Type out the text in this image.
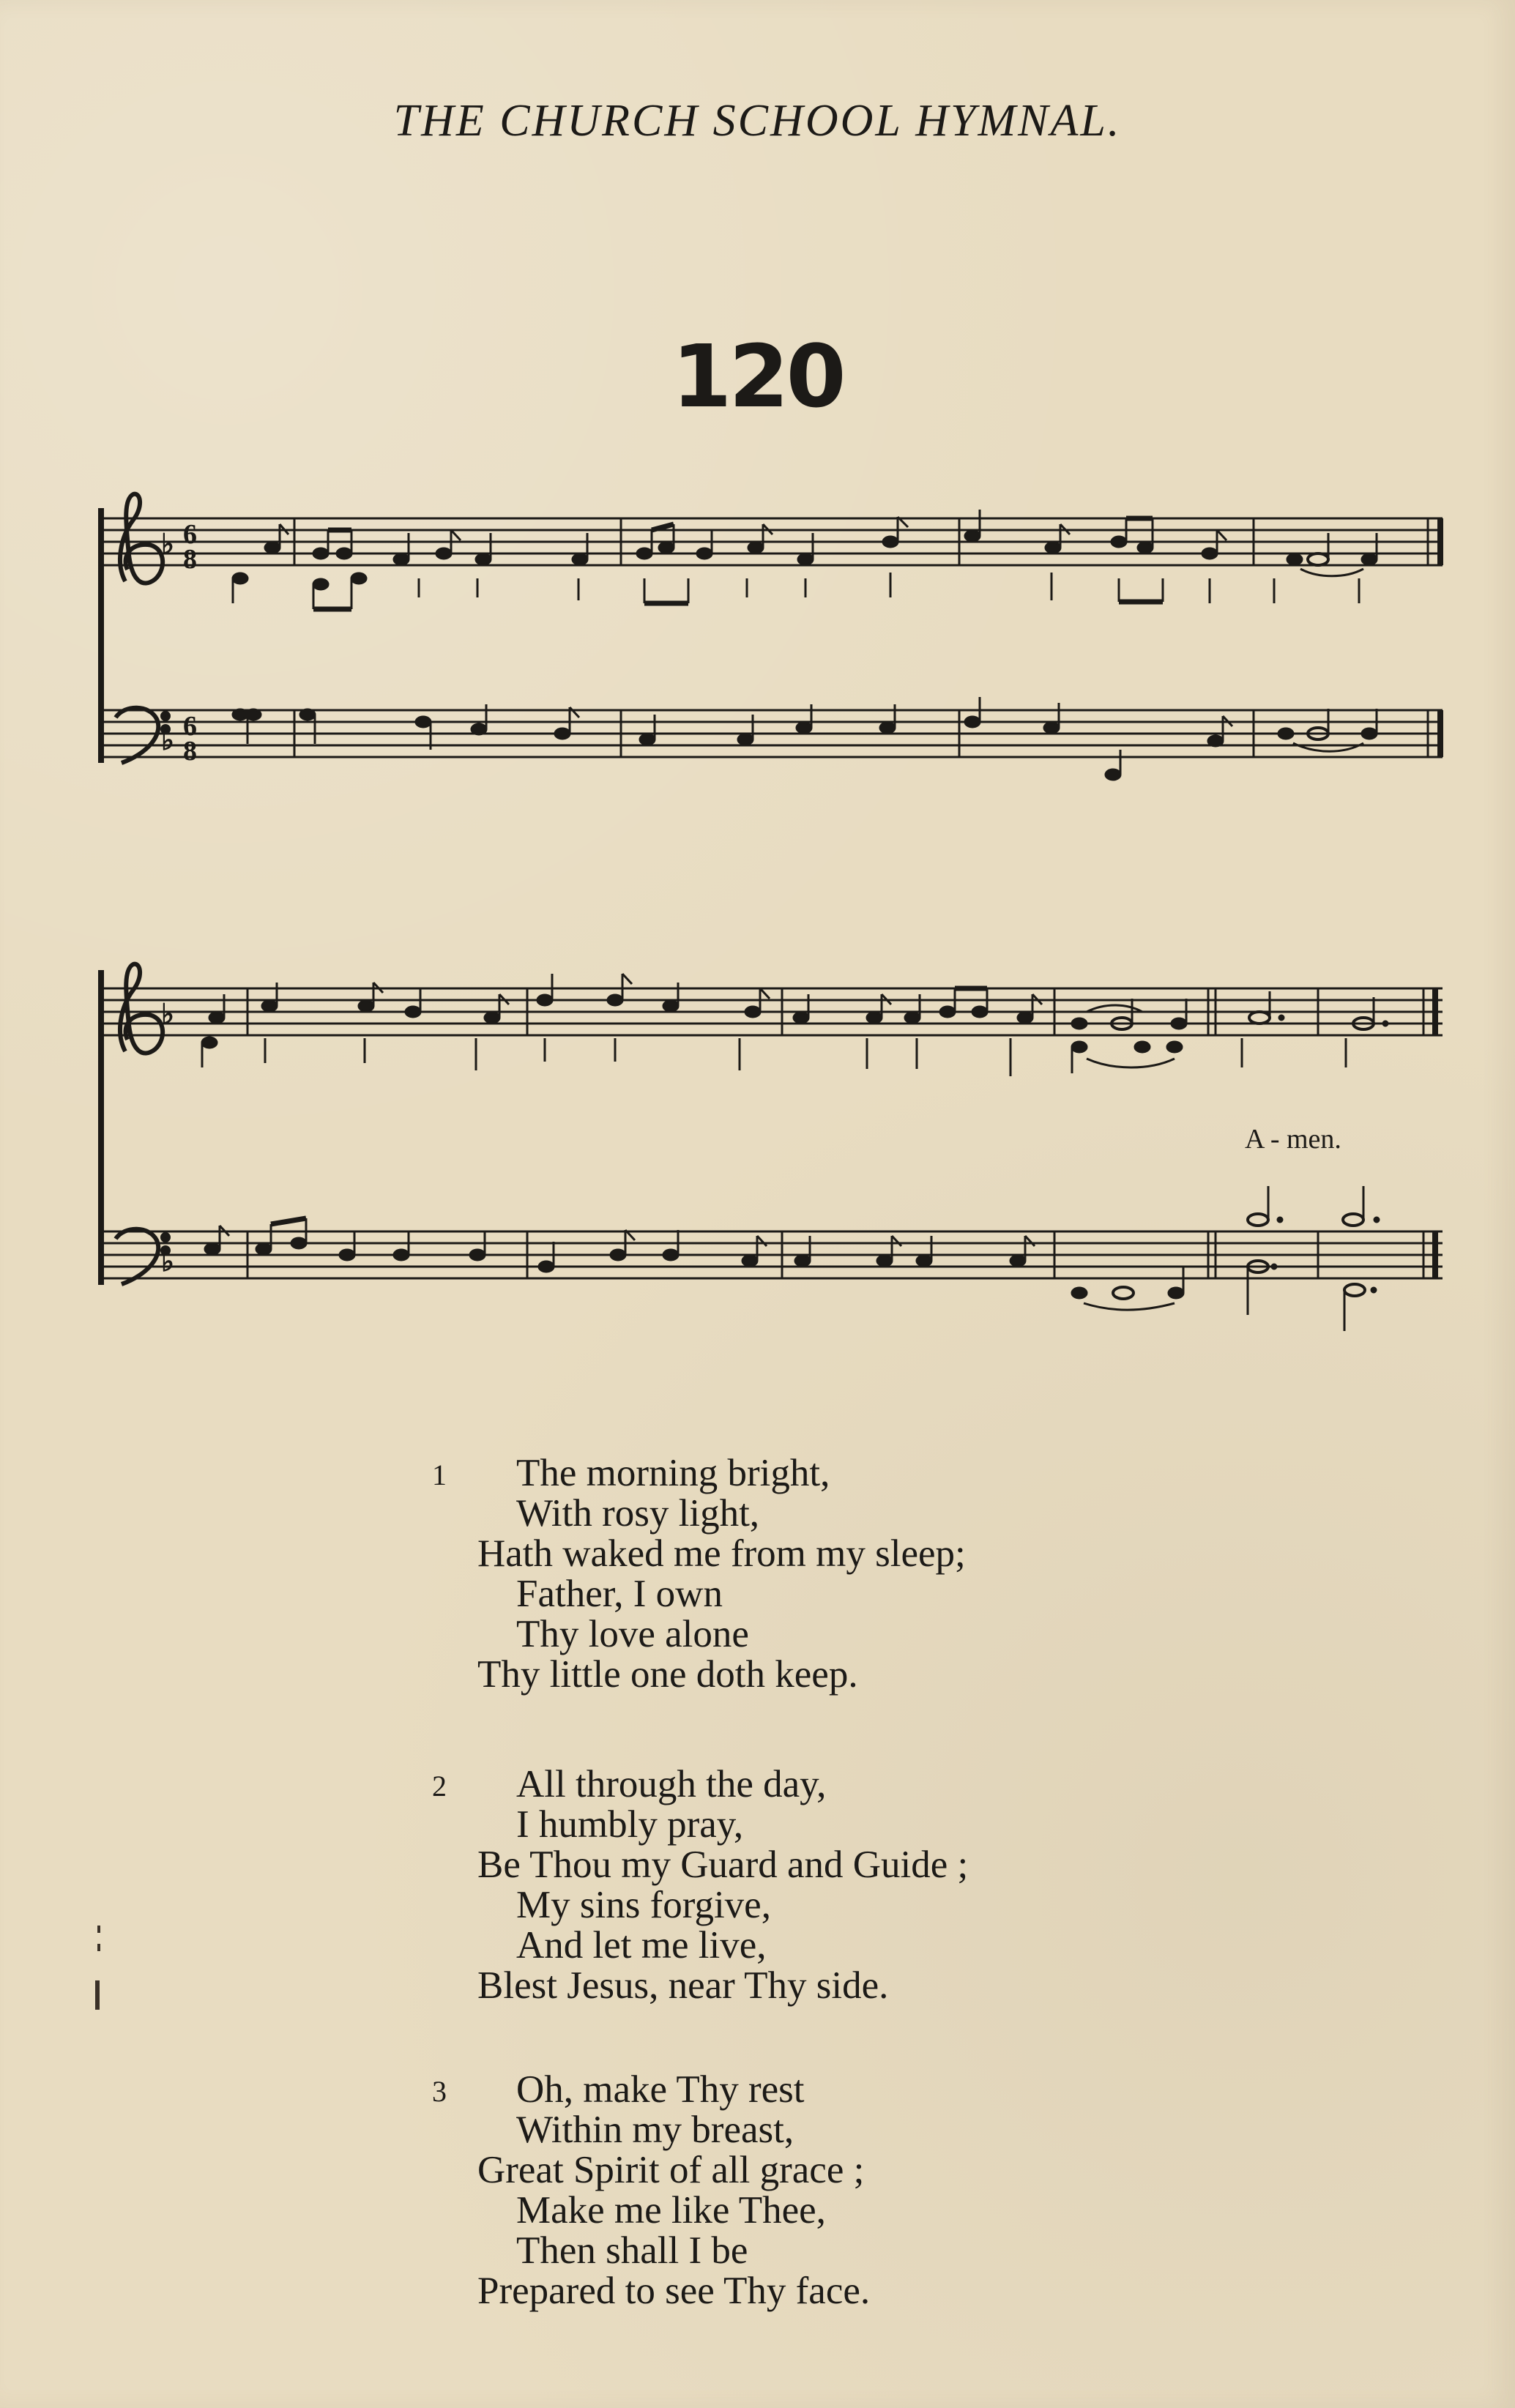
THE CHURCH SCHOOL HYMNAL.
120
6
8
6
8
♭
♭
♭
♭
A - men.
1	The morning bright,
With rosy light,
Hath waked me from my sleep;
Father, I own
Thy love alone
Thy little one doth keep.
2	All through the day,
I humbly pray,
Be Thou my Guard and Guide ;
My sins forgive,
And let me live,
Blest Jesus, near Thy side.
3	Oh, make Thy rest
Within my breast,
Great Spirit of all grace ;
Make me like Thee,
Then shall I be
Prepared to see Thy face.
